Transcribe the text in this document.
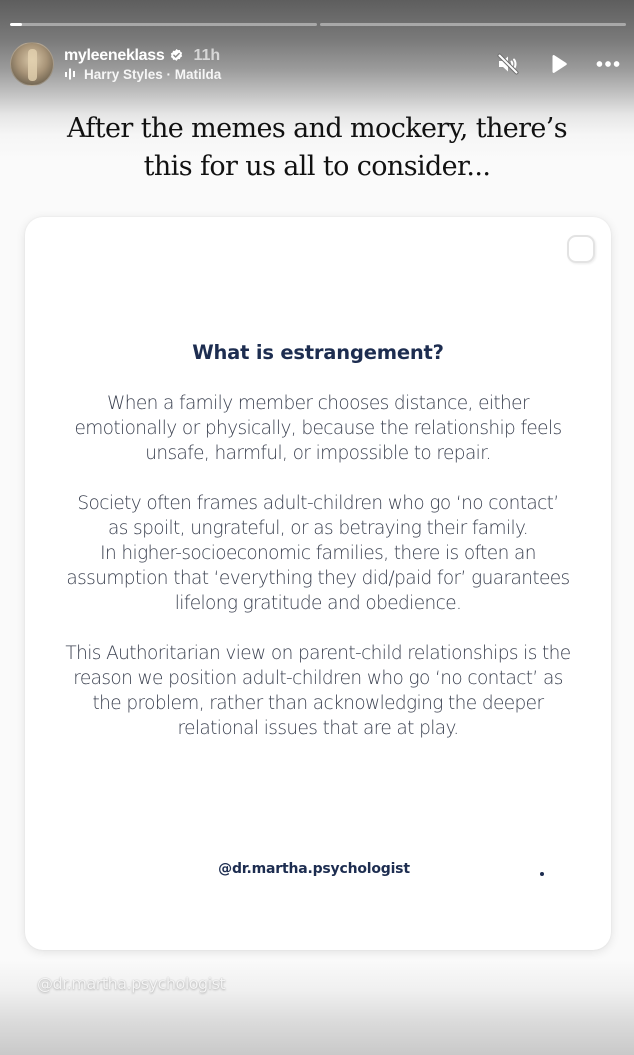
myleeneklass 11h
Harry Styles · Matilda
After the memes and mockery, there’s
this for us all to consider...
What is estrangement?

When a family member chooses distance, either emotionally or physically, because the relationship feels unsafe, harmful, or impossible to repair.

Society often frames adult-children who go ‘no contact’ as spoilt, ungrateful, or as betraying their family.

In higher-socioeconomic families, there is often an assumption that ‘everything they did/paid for’ guarantees lifelong gratitude and obedience.

This Authoritarian view on parent-child relationships is the reason we position adult-children who go ‘no contact’ as the problem, rather than acknowledging the deeper relational issues that are at play.

@dr.martha.psychologist
@dr.martha.psychologist
